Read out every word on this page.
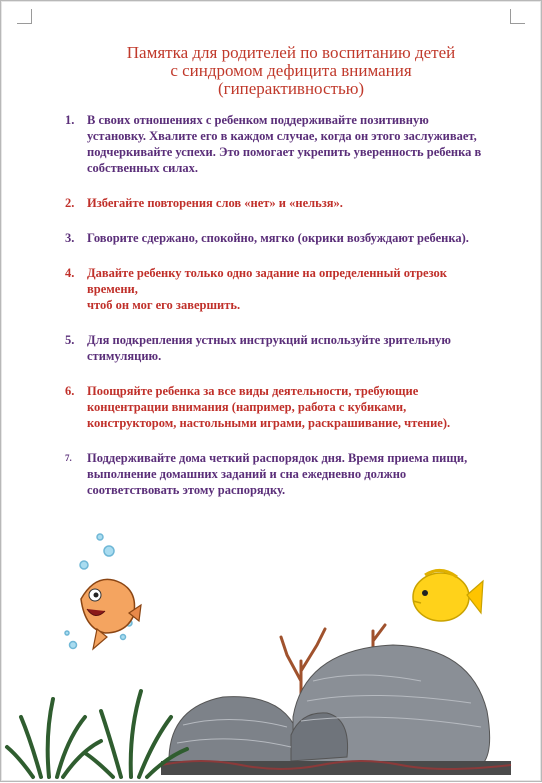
Памятка для родителей по воспитанию детей
с синдромом дефицита внимания
(гиперактивностью)
1.	В своих отношениях с ребенком поддерживайте позитивную
установку. Хвалите его в каждом случае, когда он этого заслуживает,
подчеркивайте успехи. Это помогает укрепить уверенность ребенка в
собственных силах.
2.	Избегайте повторения слов «нет» и «нельзя».
3.	Говорите сдержано, спокойно, мягко (окрики возбуждают ребенка).
4.	Давайте ребенку только одно задание на определенный отрезок
времени,
чтоб он мог его завершить.
5.	Для подкрепления устных инструкций используйте зрительную
стимуляцию.
6.	Поощряйте ребенка за все виды деятельности, требующие
концентрации внимания (например, работа с кубиками,
конструктором, настольными играми, раскрашивание, чтение).
7.	Поддерживайте дома четкий распорядок дня. Время приема пищи,
выполнение домашних заданий и сна ежедневно должно
соответствовать этому распорядку.
